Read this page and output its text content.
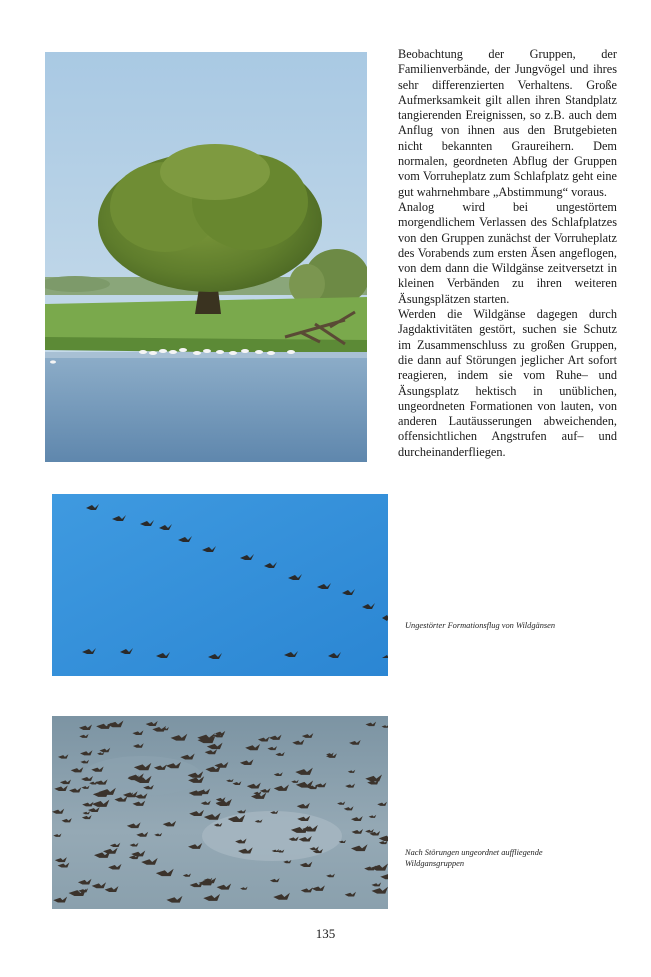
Beobachtung der Gruppen, der Familienverbände, der Jungvögel und ihres sehr differenzierten Verhaltens. Große Aufmerksamkeit gilt allen ihren Standplatz tangierenden Ereignissen, so z.B. auch dem Anflug von ihnen aus den Brutgebieten nicht bekannten Graureihern. Dem normalen, geordneten Abflug der Gruppen vom Vorruheplatz zum Schlafplatz geht eine gut wahrnehmbare „Abstimmung“ voraus.

Analog wird bei ungestörtem morgendlichem Verlassen des Schlafplatzes von den Gruppen zunächst der Vorruheplatz des Vorabends zum ersten Äsen angeflogen, von dem dann die Wildgänse zeitversetzt in kleinen Verbänden zu ihren weiteren Äsungsplätzen starten.

Werden die Wildgänse dagegen durch Jagdaktivitäten gestört, suchen sie Schutz im Zusammenschluss zu großen Gruppen, die dann auf Störungen jeglicher Art sofort reagieren, indem sie vom Ruhe– und Äsungsplatz hektisch in unüblichen, ungeordneten Formationen von lauten, von anderen Lautäusserungen abweichenden, offensichtlichen Angstrufen auf– und durcheinanderfliegen.

Ungestörter Formationsflug von Wildgänsen
Nach Störungen ungeordnet auffliegende Wildgansgruppen
135
